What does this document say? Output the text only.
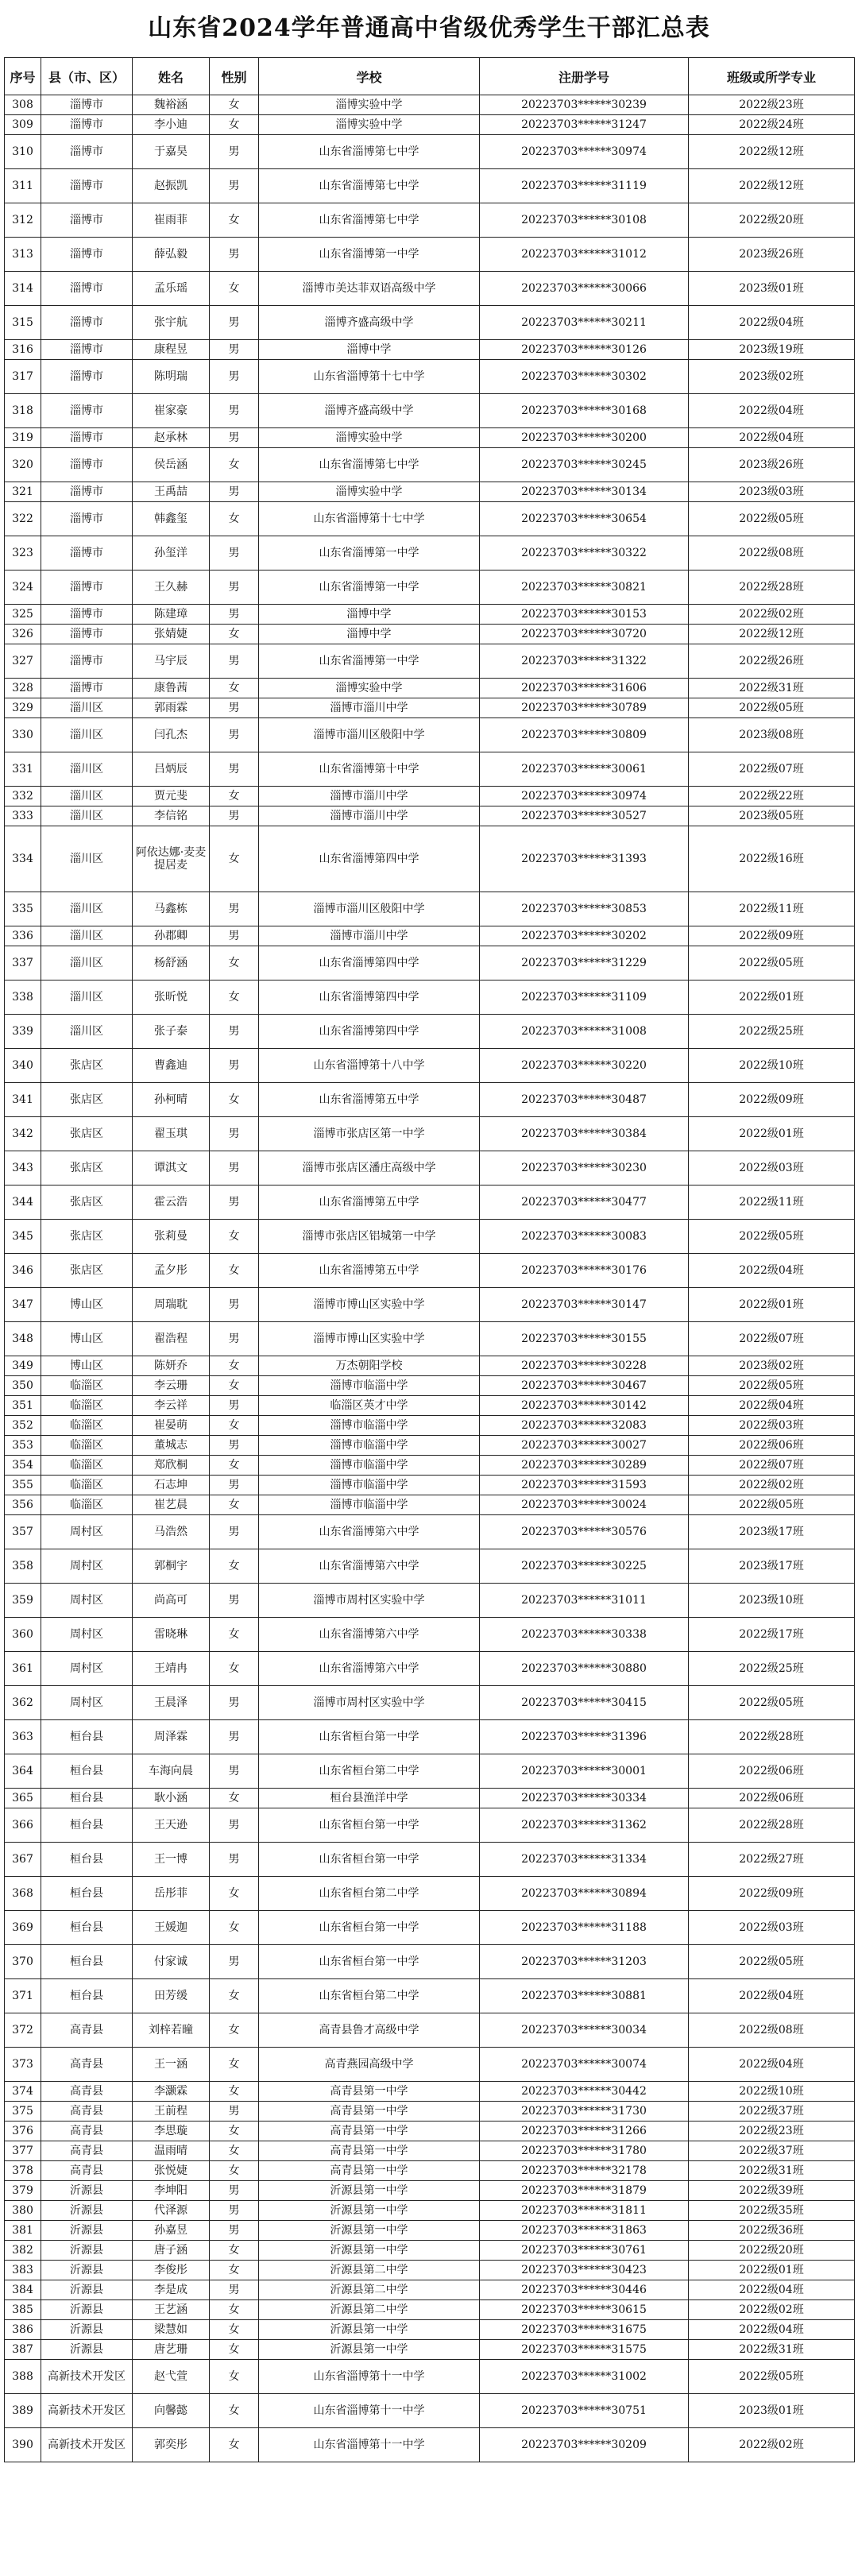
山东省2024学年普通高中省级优秀学生干部汇总表
序号	县（市、区）	姓名	性别	学校	注册学号	班级或所学专业
308	淄博市	魏裕涵	女	淄博实验中学	20223703******30239	2022级23班
309	淄博市	李小迪	女	淄博实验中学	20223703******31247	2022级24班
310	淄博市	于嘉昊	男	山东省淄博第七中学	20223703******30974	2022级12班
311	淄博市	赵振凯	男	山东省淄博第七中学	20223703******31119	2022级12班
312	淄博市	崔雨菲	女	山东省淄博第七中学	20223703******30108	2022级20班
313	淄博市	薛弘毅	男	山东省淄博第一中学	20223703******31012	2023级26班
314	淄博市	孟乐瑶	女	淄博市美达菲双语高级中学	20223703******30066	2023级01班
315	淄博市	张宇航	男	淄博齐盛高级中学	20223703******30211	2022级04班
316	淄博市	康程昱	男	淄博中学	20223703******30126	2023级19班
317	淄博市	陈明瑞	男	山东省淄博第十七中学	20223703******30302	2023级02班
318	淄博市	崔家豪	男	淄博齐盛高级中学	20223703******30168	2022级04班
319	淄博市	赵承林	男	淄博实验中学	20223703******30200	2022级04班
320	淄博市	侯岳涵	女	山东省淄博第七中学	20223703******30245	2023级26班
321	淄博市	王禹喆	男	淄博实验中学	20223703******30134	2023级03班
322	淄博市	韩鑫玺	女	山东省淄博第十七中学	20223703******30654	2022级05班
323	淄博市	孙玺洋	男	山东省淄博第一中学	20223703******30322	2022级08班
324	淄博市	王久赫	男	山东省淄博第一中学	20223703******30821	2022级28班
325	淄博市	陈建璋	男	淄博中学	20223703******30153	2022级02班
326	淄博市	张婧婕	女	淄博中学	20223703******30720	2022级12班
327	淄博市	马宇辰	男	山东省淄博第一中学	20223703******31322	2022级26班
328	淄博市	康鲁茜	女	淄博实验中学	20223703******31606	2022级31班
329	淄川区	郭雨霖	男	淄博市淄川中学	20223703******30789	2022级05班
330	淄川区	闫孔杰	男	淄博市淄川区般阳中学	20223703******30809	2023级08班
331	淄川区	吕炳辰	男	山东省淄博第十中学	20223703******30061	2022级07班
332	淄川区	贾元斐	女	淄博市淄川中学	20223703******30974	2022级22班
333	淄川区	李信铭	男	淄博市淄川中学	20223703******30527	2023级05班
334	淄川区	阿依达娜·麦麦提居麦	女	山东省淄博第四中学	20223703******31393	2022级16班
335	淄川区	马鑫栋	男	淄博市淄川区般阳中学	20223703******30853	2022级11班
336	淄川区	孙郡卿	男	淄博市淄川中学	20223703******30202	2022级09班
337	淄川区	杨舒涵	女	山东省淄博第四中学	20223703******31229	2022级05班
338	淄川区	张昕悦	女	山东省淄博第四中学	20223703******31109	2022级01班
339	淄川区	张子泰	男	山东省淄博第四中学	20223703******31008	2022级25班
340	张店区	曹鑫迪	男	山东省淄博第十八中学	20223703******30220	2022级10班
341	张店区	孙柯晴	女	山东省淄博第五中学	20223703******30487	2022级09班
342	张店区	翟玉琪	男	淄博市张店区第一中学	20223703******30384	2022级01班
343	张店区	谭淇文	男	淄博市张店区潘庄高级中学	20223703******30230	2022级03班
344	张店区	霍云浩	男	山东省淄博第五中学	20223703******30477	2022级11班
345	张店区	张莉曼	女	淄博市张店区铝城第一中学	20223703******30083	2022级05班
346	张店区	孟夕彤	女	山东省淄博第五中学	20223703******30176	2022级04班
347	博山区	周瑞耽	男	淄博市博山区实验中学	20223703******30147	2022级01班
348	博山区	翟浩程	男	淄博市博山区实验中学	20223703******30155	2022级07班
349	博山区	陈妍乔	女	万杰朝阳学校	20223703******30228	2023级02班
350	临淄区	李云珊	女	淄博市临淄中学	20223703******30467	2022级05班
351	临淄区	李云祥	男	临淄区英才中学	20223703******30142	2022级04班
352	临淄区	崔晏萌	女	淄博市临淄中学	20223703******32083	2022级03班
353	临淄区	董城志	男	淄博市临淄中学	20223703******30027	2022级06班
354	临淄区	郑欣桐	女	淄博市临淄中学	20223703******30289	2022级07班
355	临淄区	石志坤	男	淄博市临淄中学	20223703******31593	2022级02班
356	临淄区	崔艺晨	女	淄博市临淄中学	20223703******30024	2022级05班
357	周村区	马浩然	男	山东省淄博第六中学	20223703******30576	2023级17班
358	周村区	郭桐宇	女	山东省淄博第六中学	20223703******30225	2023级17班
359	周村区	尚高可	男	淄博市周村区实验中学	20223703******31011	2023级10班
360	周村区	雷晓琳	女	山东省淄博第六中学	20223703******30338	2022级17班
361	周村区	王靖冉	女	山东省淄博第六中学	20223703******30880	2022级25班
362	周村区	王晨泽	男	淄博市周村区实验中学	20223703******30415	2022级05班
363	桓台县	周泽霖	男	山东省桓台第一中学	20223703******31396	2022级28班
364	桓台县	车海向晨	男	山东省桓台第二中学	20223703******30001	2022级06班
365	桓台县	耿小涵	女	桓台县渔洋中学	20223703******30334	2022级06班
366	桓台县	王天逊	男	山东省桓台第一中学	20223703******31362	2022级28班
367	桓台县	王一博	男	山东省桓台第一中学	20223703******31334	2022级27班
368	桓台县	岳彤菲	女	山东省桓台第二中学	20223703******30894	2022级09班
369	桓台县	王媛迦	女	山东省桓台第一中学	20223703******31188	2022级03班
370	桓台县	付家诚	男	山东省桓台第一中学	20223703******31203	2022级05班
371	桓台县	田芳缓	女	山东省桓台第二中学	20223703******30881	2022级04班
372	高青县	刘梓若曈	女	高青县鲁才高级中学	20223703******30034	2022级08班
373	高青县	王一涵	女	高青燕园高级中学	20223703******30074	2022级04班
374	高青县	李灏霖	女	高青县第一中学	20223703******30442	2022级10班
375	高青县	王前程	男	高青县第一中学	20223703******31730	2022级37班
376	高青县	李思璇	女	高青县第一中学	20223703******31266	2022级23班
377	高青县	温雨晴	女	高青县第一中学	20223703******31780	2022级37班
378	高青县	张悦婕	女	高青县第一中学	20223703******32178	2022级31班
379	沂源县	李坤阳	男	沂源县第一中学	20223703******31879	2022级39班
380	沂源县	代泽源	男	沂源县第一中学	20223703******31811	2022级35班
381	沂源县	孙嘉昱	男	沂源县第一中学	20223703******31863	2022级36班
382	沂源县	唐子涵	女	沂源县第一中学	20223703******30761	2022级20班
383	沂源县	李俊彤	女	沂源县第二中学	20223703******30423	2022级01班
384	沂源县	李是成	男	沂源县第二中学	20223703******30446	2022级04班
385	沂源县	王艺涵	女	沂源县第二中学	20223703******30615	2022级02班
386	沂源县	梁慧如	女	沂源县第一中学	20223703******31675	2022级04班
387	沂源县	唐艺珊	女	沂源县第一中学	20223703******31575	2022级31班
388	高新技术开发区	赵弋萱	女	山东省淄博第十一中学	20223703******31002	2022级05班
389	高新技术开发区	向馨懿	女	山东省淄博第十一中学	20223703******30751	2023级01班
390	高新技术开发区	郭奕彤	女	山东省淄博第十一中学	20223703******30209	2022级02班
